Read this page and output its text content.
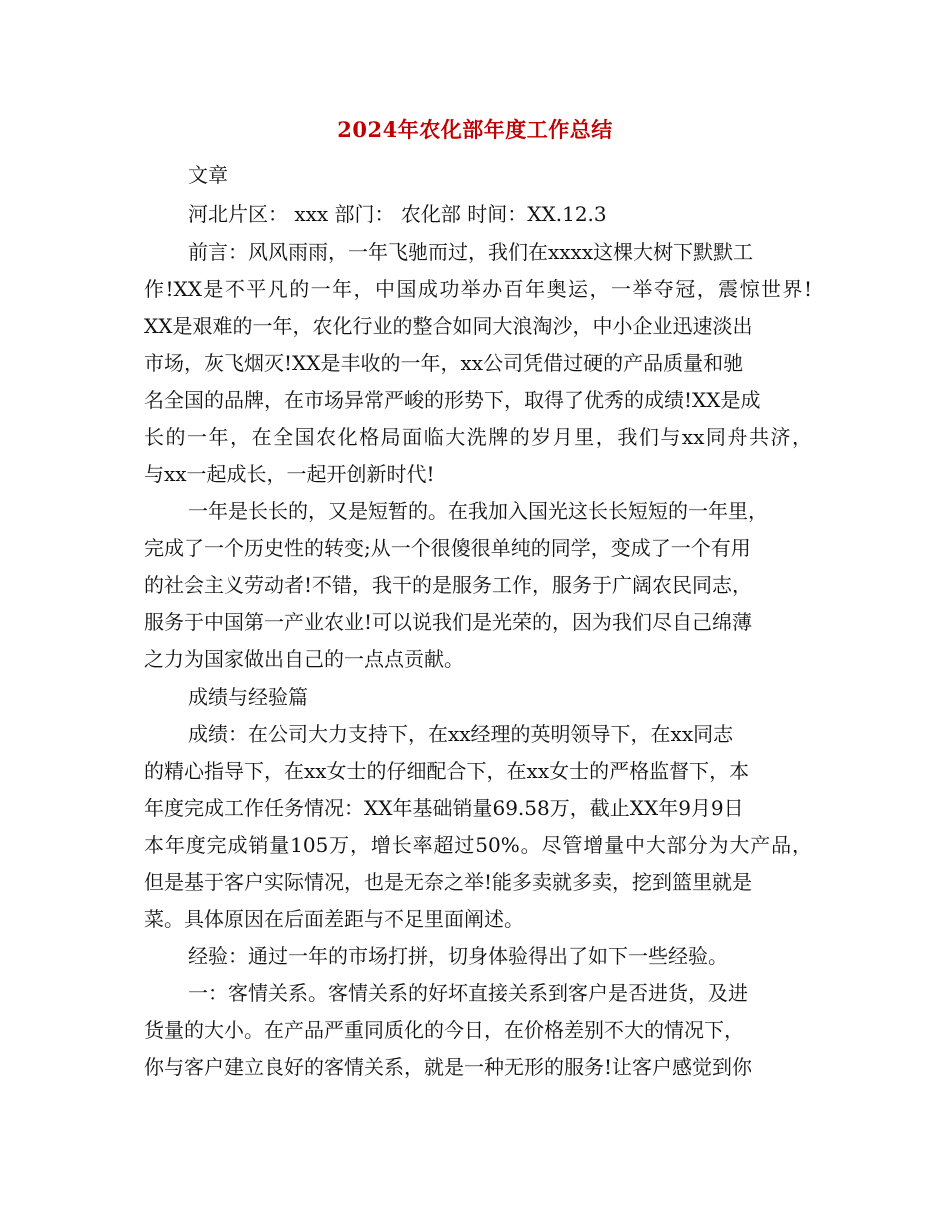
2024年农化部年度工作总结
文章
河北片区： xxx 部门： 农化部 时间：XX.12.3
前言：风风雨雨，一年飞驰而过，我们在xxxx这棵大树下默默工
作!XX是不平凡的一年，中国成功举办百年奥运，一举夺冠，震惊世界!
XX是艰难的一年，农化行业的整合如同大浪淘沙，中小企业迅速淡出
市场，灰飞烟灭!XX是丰收的一年，xx公司凭借过硬的产品质量和驰
名全国的品牌，在市场异常严峻的形势下，取得了优秀的成绩!XX是成
长的一年，在全国农化格局面临大洗牌的岁月里，我们与xx同舟共济，
与xx一起成长，一起开创新时代!
一年是长长的，又是短暂的。在我加入国光这长长短短的一年里，
完成了一个历史性的转变;从一个很傻很单纯的同学，变成了一个有用
的社会主义劳动者!不错，我干的是服务工作，服务于广阔农民同志，
服务于中国第一产业农业!可以说我们是光荣的，因为我们尽自己绵薄
之力为国家做出自己的一点点贡献。
成绩与经验篇
成绩：在公司大力支持下，在xx经理的英明领导下，在xx同志
的精心指导下，在xx女士的仔细配合下，在xx女士的严格监督下，本
年度完成工作任务情况：XX年基础销量69.58万，截止XX年9月9日
本年度完成销量105万，增长率超过50%。尽管增量中大部分为大产品，
但是基于客户实际情况，也是无奈之举!能多卖就多卖，挖到篮里就是
菜。具体原因在后面差距与不足里面阐述。
经验：通过一年的市场打拼，切身体验得出了如下一些经验。
一：客情关系。客情关系的好坏直接关系到客户是否进货，及进
货量的大小。在产品严重同质化的今日，在价格差别不大的情况下，
你与客户建立良好的客情关系，就是一种无形的服务!让客户感觉到你
